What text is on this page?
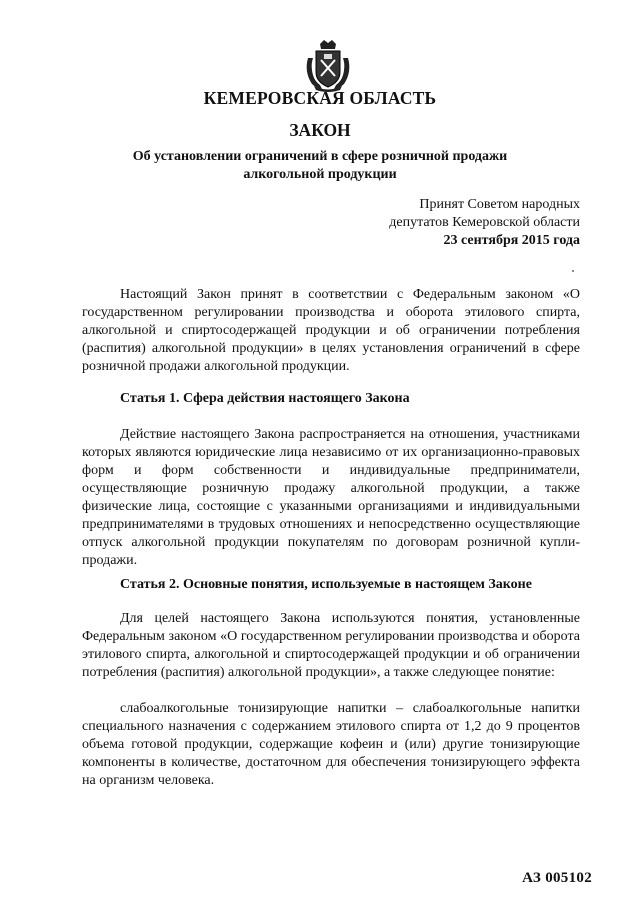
КЕМЕРОВСКАЯ ОБЛАСТЬ
ЗАКОН
Об установлении ограничений в сфере розничной продажи алкогольной продукции
Принят Советом народных
депутатов Кемеровской области
23 сентября 2015 года

Настоящий Закон принят в соответствии с Федеральным законом «О государственном регулировании производства и оборота этилового спирта, алкогольной и спиртосодержащей продукции и об ограничении потребления (распития) алкогольной продукции» в целях установления ограничений в сфере розничной продажи алкогольной продукции.

Статья 1. Сфера действия настоящего Закона

Действие настоящего Закона распространяется на отношения, участниками которых являются юридические лица независимо от их организационно-правовых форм и форм собственности и индивидуальные предприниматели, осуществляющие розничную продажу алкогольной продукции, а также физические лица, состоящие с указанными организациями и индивидуальными предпринимателями в трудовых отношениях и непосредственно осуществляющие отпуск алкогольной продукции покупателям по договорам розничной купли-продажи.

Статья 2. Основные понятия, используемые в настоящем Законе

Для целей настоящего Закона используются понятия, установленные Федеральным законом «О государственном регулировании производства и оборота этилового спирта, алкогольной и спиртосодержащей продукции и об ограничении потребления (распития) алкогольной продукции», а также следующее понятие:

слабоалкогольные тонизирующие напитки – слабоалкогольные напитки специального назначения с содержанием этилового спирта от 1,2 до 9 процентов объема готовой продукции, содержащие кофеин и (или) другие тонизирующие компоненты в количестве, достаточном для обеспечения тонизирующего эффекта на организм человека.

АЗ 005102
